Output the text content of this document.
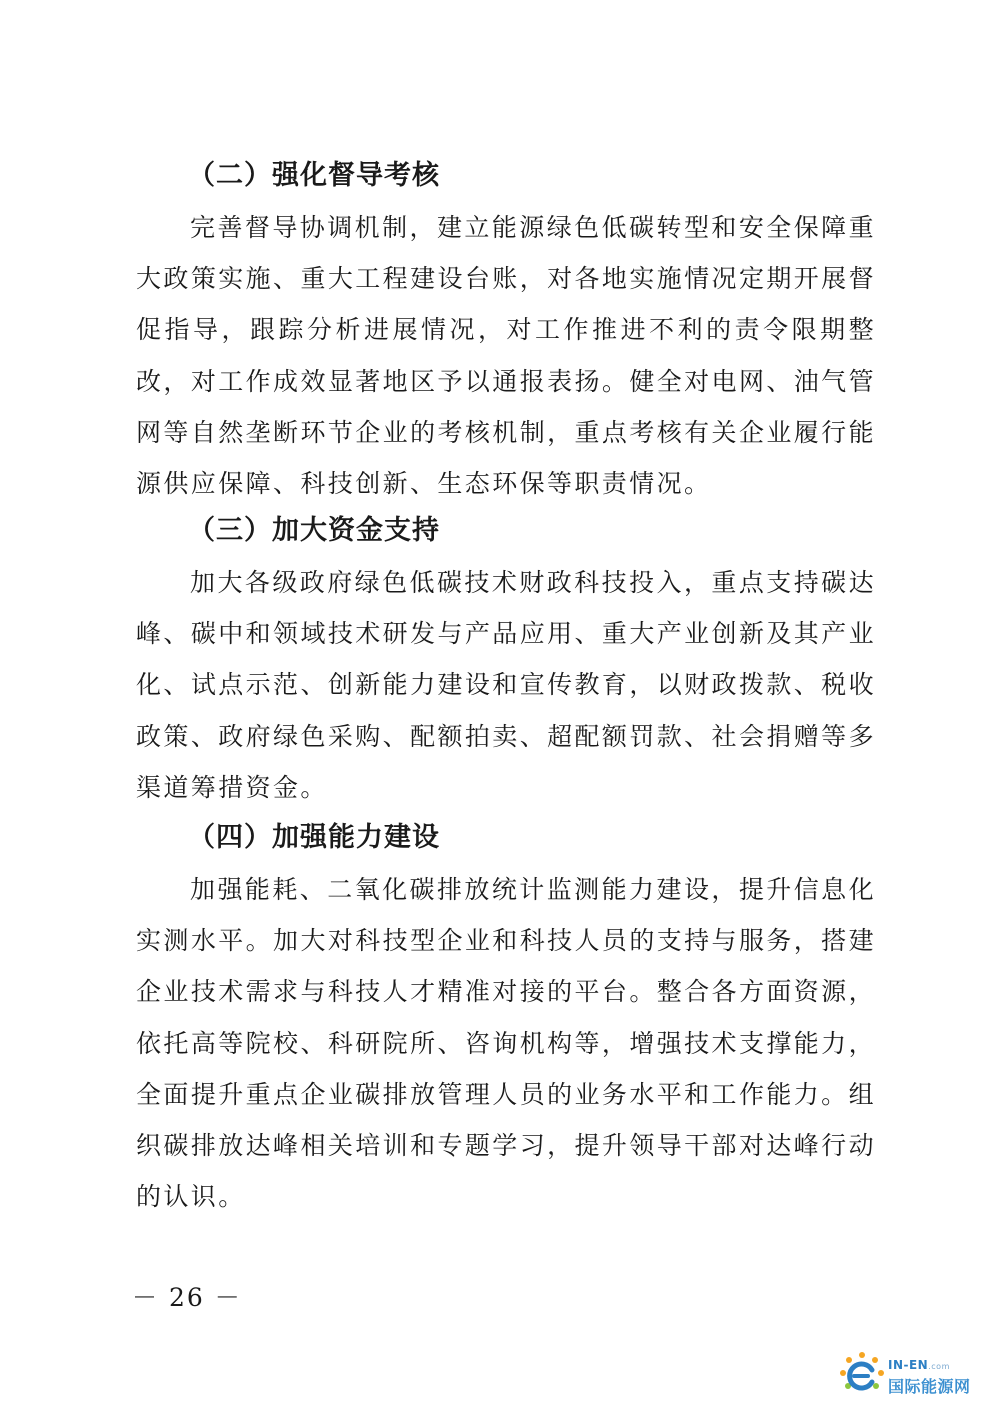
（二）强化督导考核

完善督导协调机制，建立能源绿色低碳转型和安全保障重大政策实施、重大工程建设台账，对各地实施情况定期开展督促指导，跟踪分析进展情况，对工作推进不利的责令限期整改，对工作成效显著地区予以通报表扬。健全对电网、油气管网等自然垄断环节企业的考核机制，重点考核有关企业履行能源供应保障、科技创新、生态环保等职责情况。

（三）加大资金支持

加大各级政府绿色低碳技术财政科技投入，重点支持碳达峰、碳中和领域技术研发与产品应用、重大产业创新及其产业化、试点示范、创新能力建设和宣传教育，以财政拨款、税收政策、政府绿色采购、配额拍卖、超配额罚款、社会捐赠等多渠道筹措资金。

（四）加强能力建设

加强能耗、二氧化碳排放统计监测能力建设，提升信息化实测水平。加大对科技型企业和科技人员的支持与服务，搭建企业技术需求与科技人才精准对接的平台。整合各方面资源，依托高等院校、科研院所、咨询机构等，增强技术支撑能力，全面提升重点企业碳排放管理人员的业务水平和工作能力。组织碳排放达峰相关培训和专题学习，提升领导干部对达峰行动的认识。

－ 26 －
IN-EN.com
国际能源网
